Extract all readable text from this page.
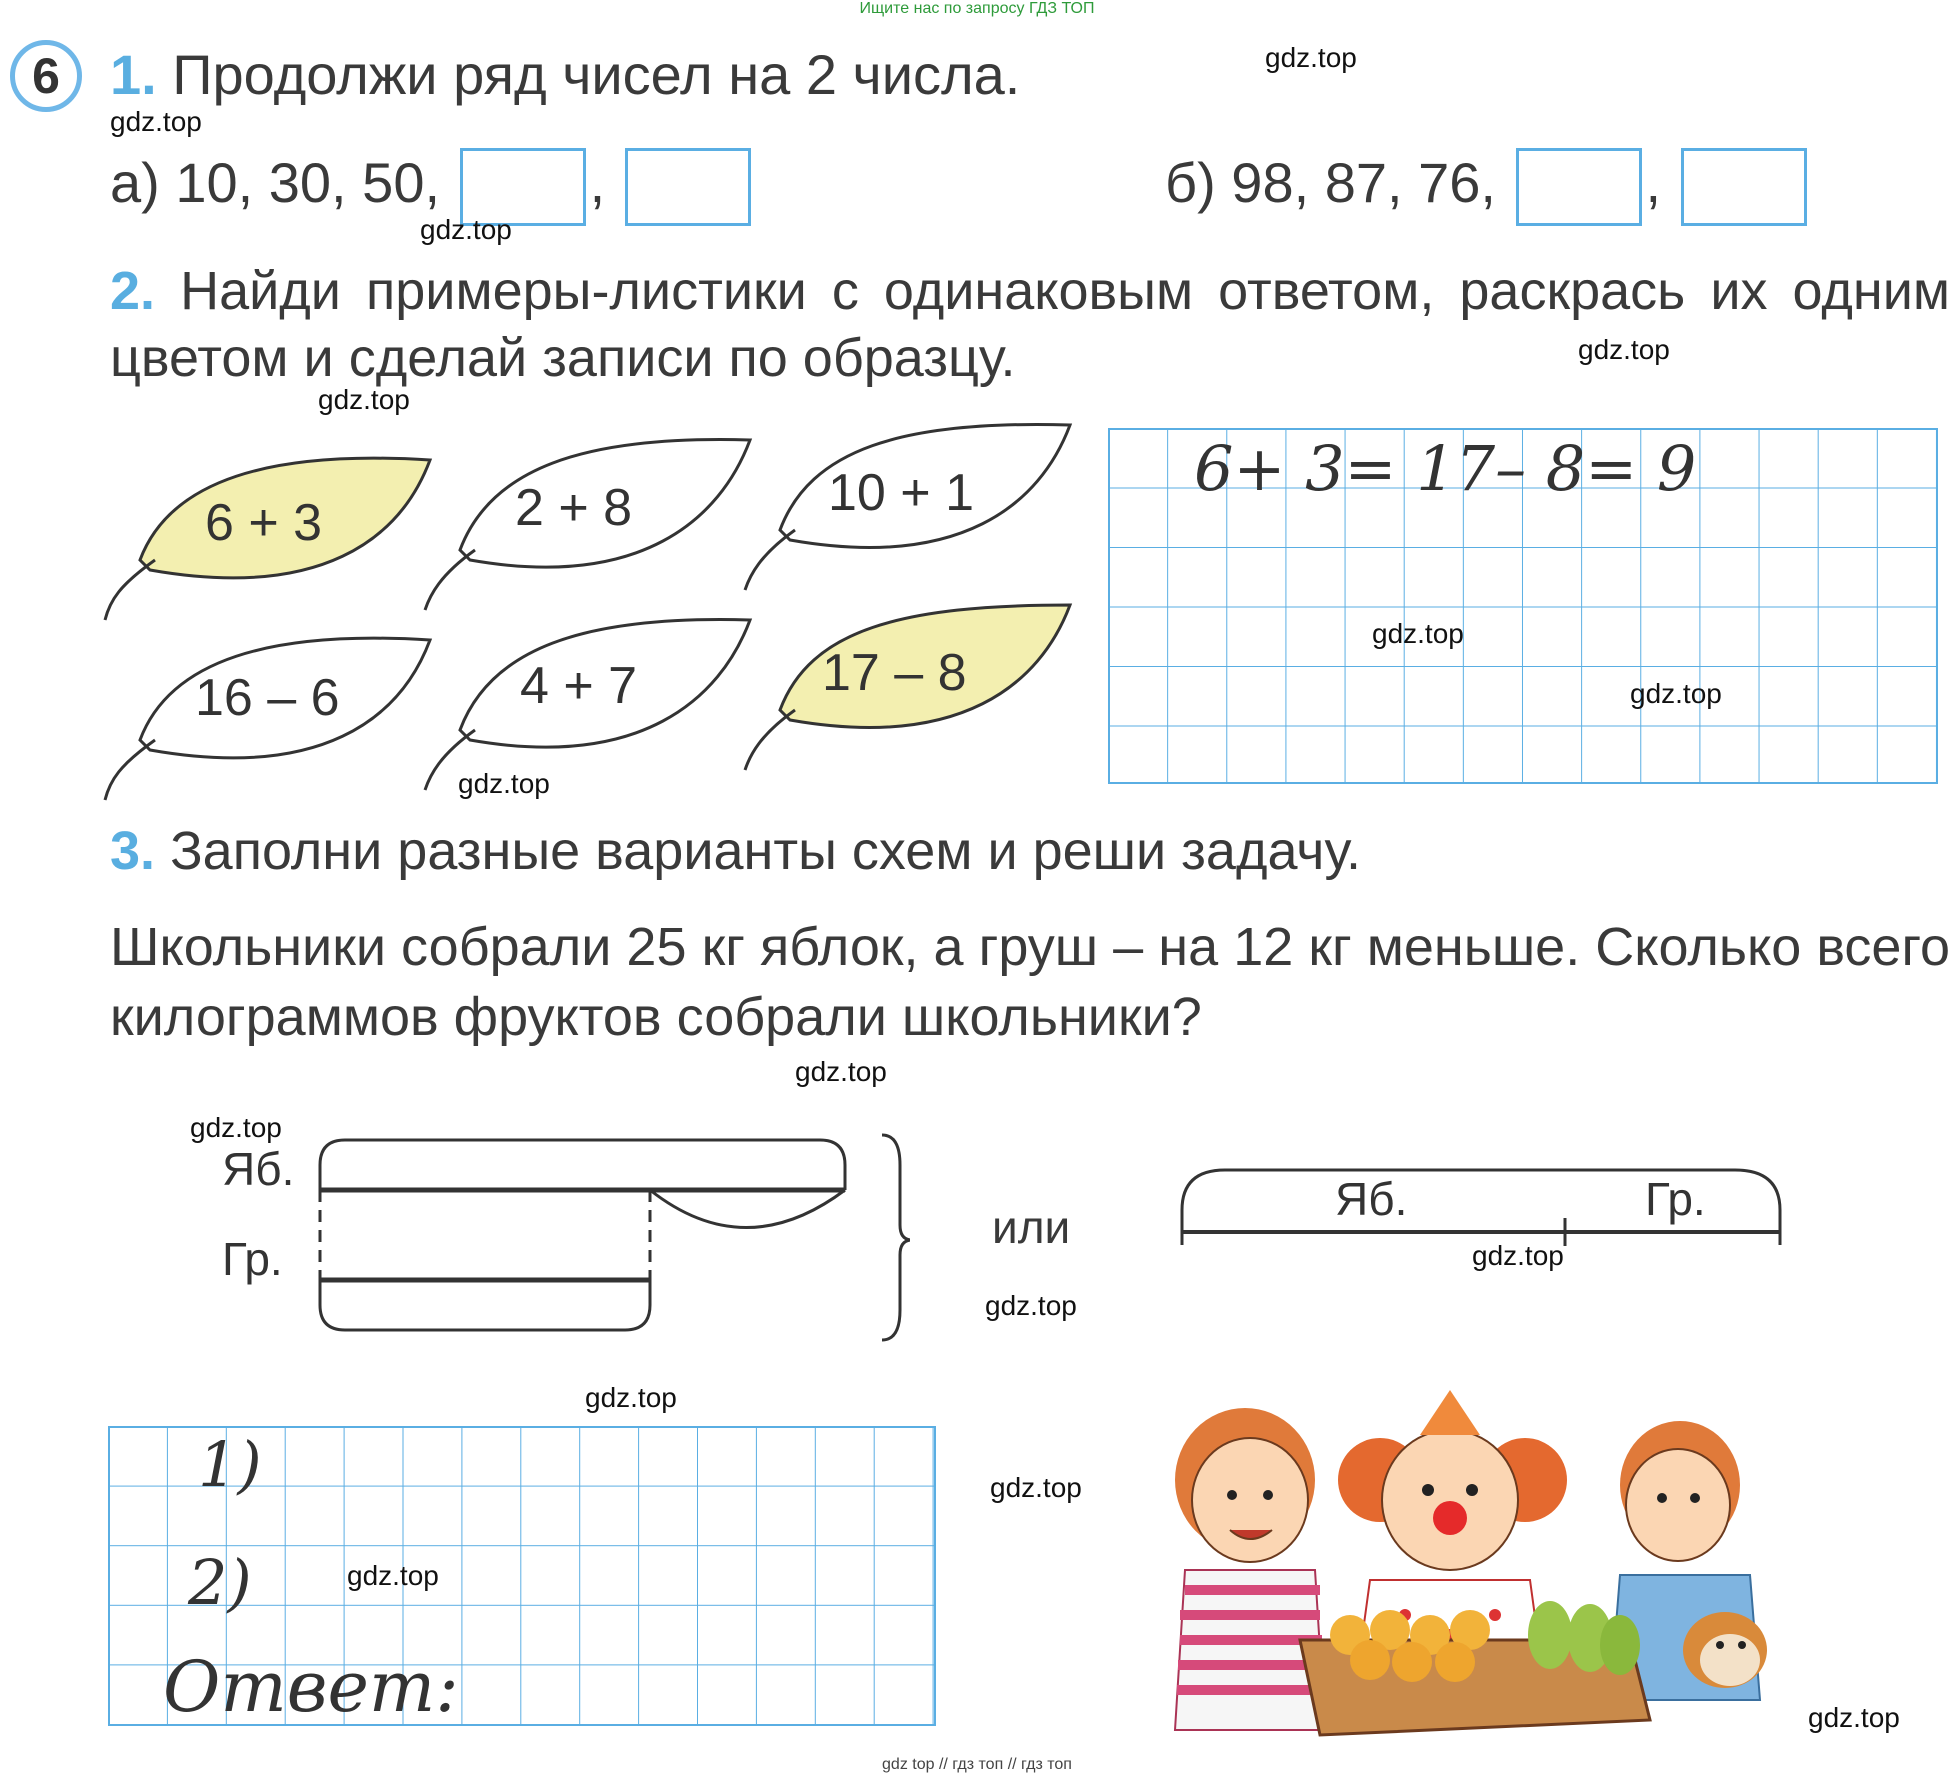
Ищите нас по запросу ГДЗ ТОП
6 1. Продолжи ряд чисел на 2 числа.
а) 10, 30, 50,	,	б) 98, 87, 76,	,
2. Найди примеры-листики с одинаковым ответом, раскрась их одним цветом и сделай записи по образцу.
6 + 3	2 + 8	10 + 1
16 – 6	4 + 7	17 – 8
6+ 3= 17– 8= 9
3. Заполни разные варианты схем и реши задачу.
Школьники собрали 25 кг яблок, а груш – на 12 кг меньше. Сколько всего килограммов фруктов собрали школьники?
Яб.
Гр.
или
Яб.	Гр.
1)
2)
Ответ:
gdz.top
gdz.top
gdz.top
gdz.top
gdz.top
gdz.top
gdz.top
gdz.top
gdz.top
gdz.top
gdz.top
gdz.top
gdz.top
gdz.top
gdz.top
gdz.top
gdz top // гдз топ // гдз топ
